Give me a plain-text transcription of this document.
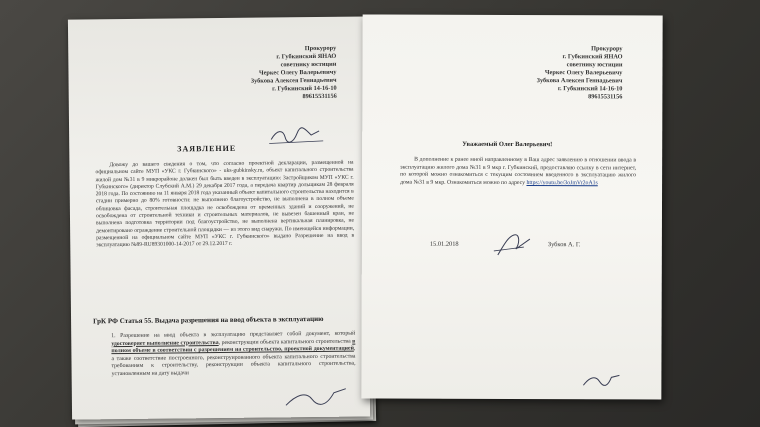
Прокурору
г. Губкинский ЯНАО
советнику юстиции
Черкес Олегу Валерьевичу
Зубкова Алексея Геннадьевич
г. Губкинский 14-16-10
89615531156
ЗАЯВЛЕНИЕ
Довожу до вашего сведения о том, что согласно проектной декларации, размещенной на официальном сайте МУП «УКС г. Губкинского» - uks-gubkinsky.ru, объект капитального строительства жилой дом №31 в 9 микрорайоне должен был быть введен в эксплуатацию: Застройщиком МУП «УКС г. Губкинского» (директор Слубский А.М.) 29 декабря 2017 года, а передача квартир дольщикам 28 февраля 2018 года. По состоянию на 11 января 2018 года указанный объект капитального строительства находится в стадии примерно до 80% готовности: не выполнено благоустройство, не выполнена в полном объеме облицовка фасада, строительная площадка не освобождена от временных зданий и сооружений, не освобождена от строительной техники и строительных материалов, не вывезен башенный кран, не выполнена подготовка территории под благоустройство, не выполнена вертикальная планировка, не демонтировано ограждение строительной площадки — из этого вид снаружи. По имеющейся информации, размещенной на официальном сайте МУП «УКС г. Губкинского» выдано Разрешение на ввод в эксплуатацию №89-RU89301000-14-2017 от 29.12.2017 г.
ГрК РФ Статья 55. Выдача разрешения на ввод объекта в эксплуатацию
1. Разрешение на ввод объекта в эксплуатацию представляет собой документ, который удостоверяет выполнение строительства, реконструкции объекта капитального строительства в полном объеме в соответствии с разрешением на строительство, проектной документацией, а также соответствие построенного, реконструированного объекта капитального строительства требованиям к строительству, реконструкции объекта капитального строительства, установленным на дату выдачи
Прокурору
г. Губкинский ЯНАО
советнику юстиции
Черкес Олегу Валерьевичу
Зубкова Алексея Геннадьевич
г. Губкинский 14-16-10
89615531156
Уважаемый Олег Валерьевич!
В дополнение к ранее мной направленному в Ваш адрес заявлению в отношении ввода в эксплуатацию жилого дома №31 в 9 мкр г. Губкинский, предоставляю ссылку в сети интернет, по которой можно ознакомиться с текущим состоянием введенного в эксплуатацию жилого дома №31 в 9 мкр. Ознакомиться можно по адресу https://youtu.be/3oJmVr2oA1s
15.01.2018	Зубков А. Г.
